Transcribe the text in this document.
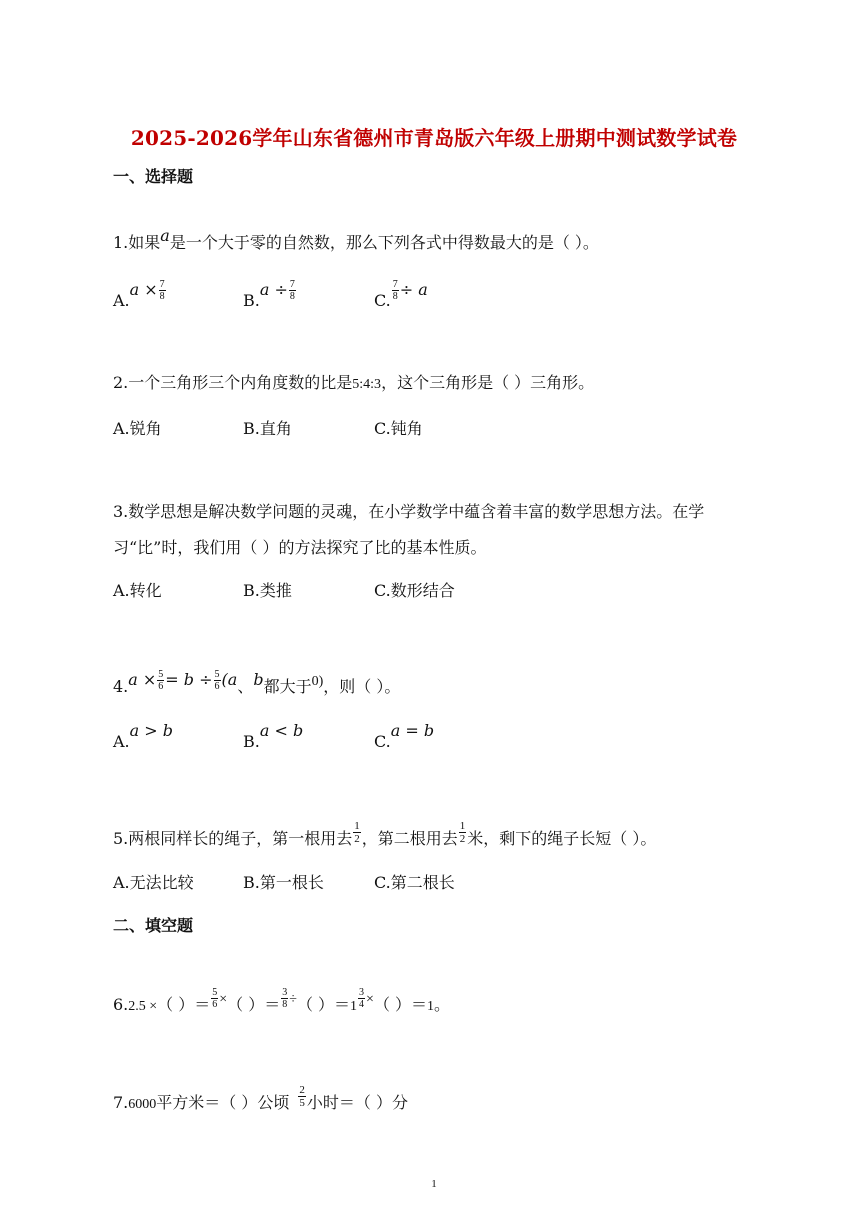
2025-2026学年山东省德州市青岛版六年级上册期中测试数学试卷
一、选择题
1.如果a是一个大于零的自然数，那么下列各式中得数最大的是（ ）。
$A.a \times \frac{7}{8}$	$B.a \div \frac{7}{8}$	C. $\frac{7}{8} \div a$
2.一个三角形三个内角度数的比是5:4:3，这个三角形是（ ）三角形。
A.锐角	B.直角	C.钝角
3.数学思想是解决数学问题的灵魂，在小学数学中蕴含着丰富的数学思想方法。在学习“比”时，我们用（ ）的方法探究了比的基本性质。
A.转化	B.类推	C.数形结合
$4.a \times \frac{5}{6} = b \div \frac{5}{6} (a$、b都大于0)，则（ ）。
A.a > b
B.a < b
C.a = b
5.两根同样长的绳子，第一根用去 $\frac{1}{2}$ ，第二根用去 $\frac{1}{2}$ 米，剩下的绳子长短（ ）。
A.无法比较	B.第一根长	C.第二根长
二、填空题
6.2.5 ×（ ）＝ $\frac{5}{6}$ ×（ ）＝ $\frac{3}{8}$ ÷（ ）$=1 \frac{3}{4}$ ×（ ）＝1。
7.6000平方米＝（ ）公顷 $\frac{2}{5}$ 小时＝（ ）分
1
